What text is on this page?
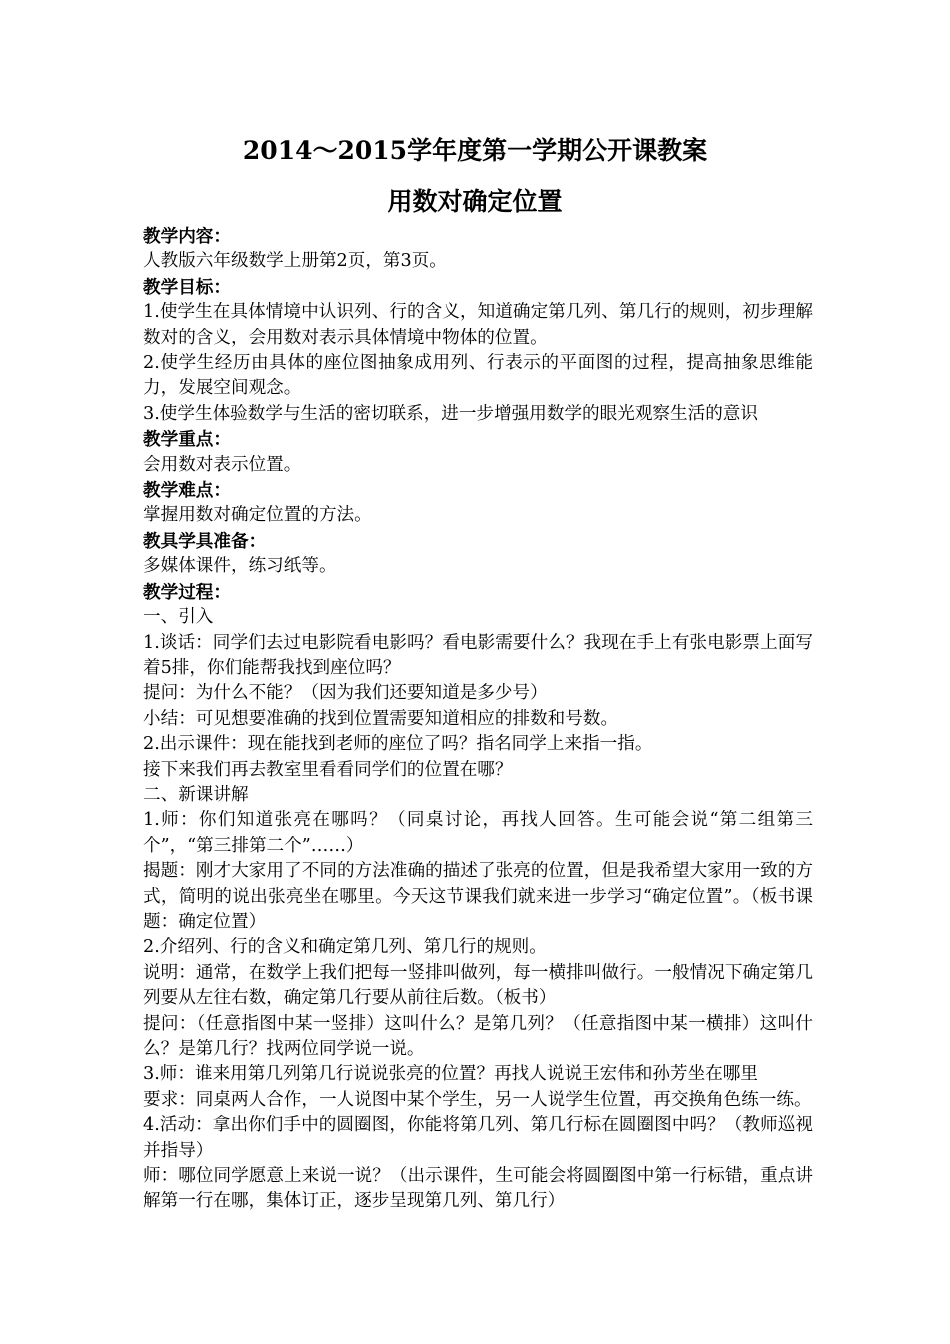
2014～2015学年度第一学期公开课教案
用数对确定位置

教学内容：

人教版六年级数学上册第2页，第3页。

教学目标：

1.使学生在具体情境中认识列、行的含义，知道确定第几列、第几行的规则，初步理解数对的含义，会用数对表示具体情境中物体的位置。

2.使学生经历由具体的座位图抽象成用列、行表示的平面图的过程，提高抽象思维能力，发展空间观念。

3.使学生体验数学与生活的密切联系，进一步增强用数学的眼光观察生活的意识

教学重点：

会用数对表示位置。

教学难点：

掌握用数对确定位置的方法。

教具学具准备：

多媒体课件，练习纸等。

教学过程：

一、引入

1.谈话：同学们去过电影院看电影吗？看电影需要什么？我现在手上有张电影票上面写着5排，你们能帮我找到座位吗？

提问：为什么不能？（因为我们还要知道是多少号）

小结：可见想要准确的找到位置需要知道相应的排数和号数。

2.出示课件：现在能找到老师的座位了吗？指名同学上来指一指。

接下来我们再去教室里看看同学们的位置在哪？

二、新课讲解

1.师：你们知道张亮在哪吗？（同桌讨论，再找人回答。生可能会说“第二组第三个”，“第三排第二个”……）

揭题：刚才大家用了不同的方法准确的描述了张亮的位置，但是我希望大家用一致的方式，简明的说出张亮坐在哪里。今天这节课我们就来进一步学习“确定位置”。（板书课题：确定位置）

2.介绍列、行的含义和确定第几列、第几行的规则。

说明：通常，在数学上我们把每一竖排叫做列，每一横排叫做行。一般情况下确定第几列要从左往右数，确定第几行要从前往后数。（板书）

提问：（任意指图中某一竖排）这叫什么？是第几列？（任意指图中某一横排）这叫什么？是第几行？找两位同学说一说。

3.师：谁来用第几列第几行说说张亮的位置？再找人说说王宏伟和孙芳坐在哪里

要求：同桌两人合作，一人说图中某个学生，另一人说学生位置，再交换角色练一练。

4.活动：拿出你们手中的圆圈图，你能将第几列、第几行标在圆圈图中吗？（教师巡视并指导）

师：哪位同学愿意上来说一说？（出示课件，生可能会将圆圈图中第一行标错，重点讲解第一行在哪，集体订正，逐步呈现第几列、第几行）
